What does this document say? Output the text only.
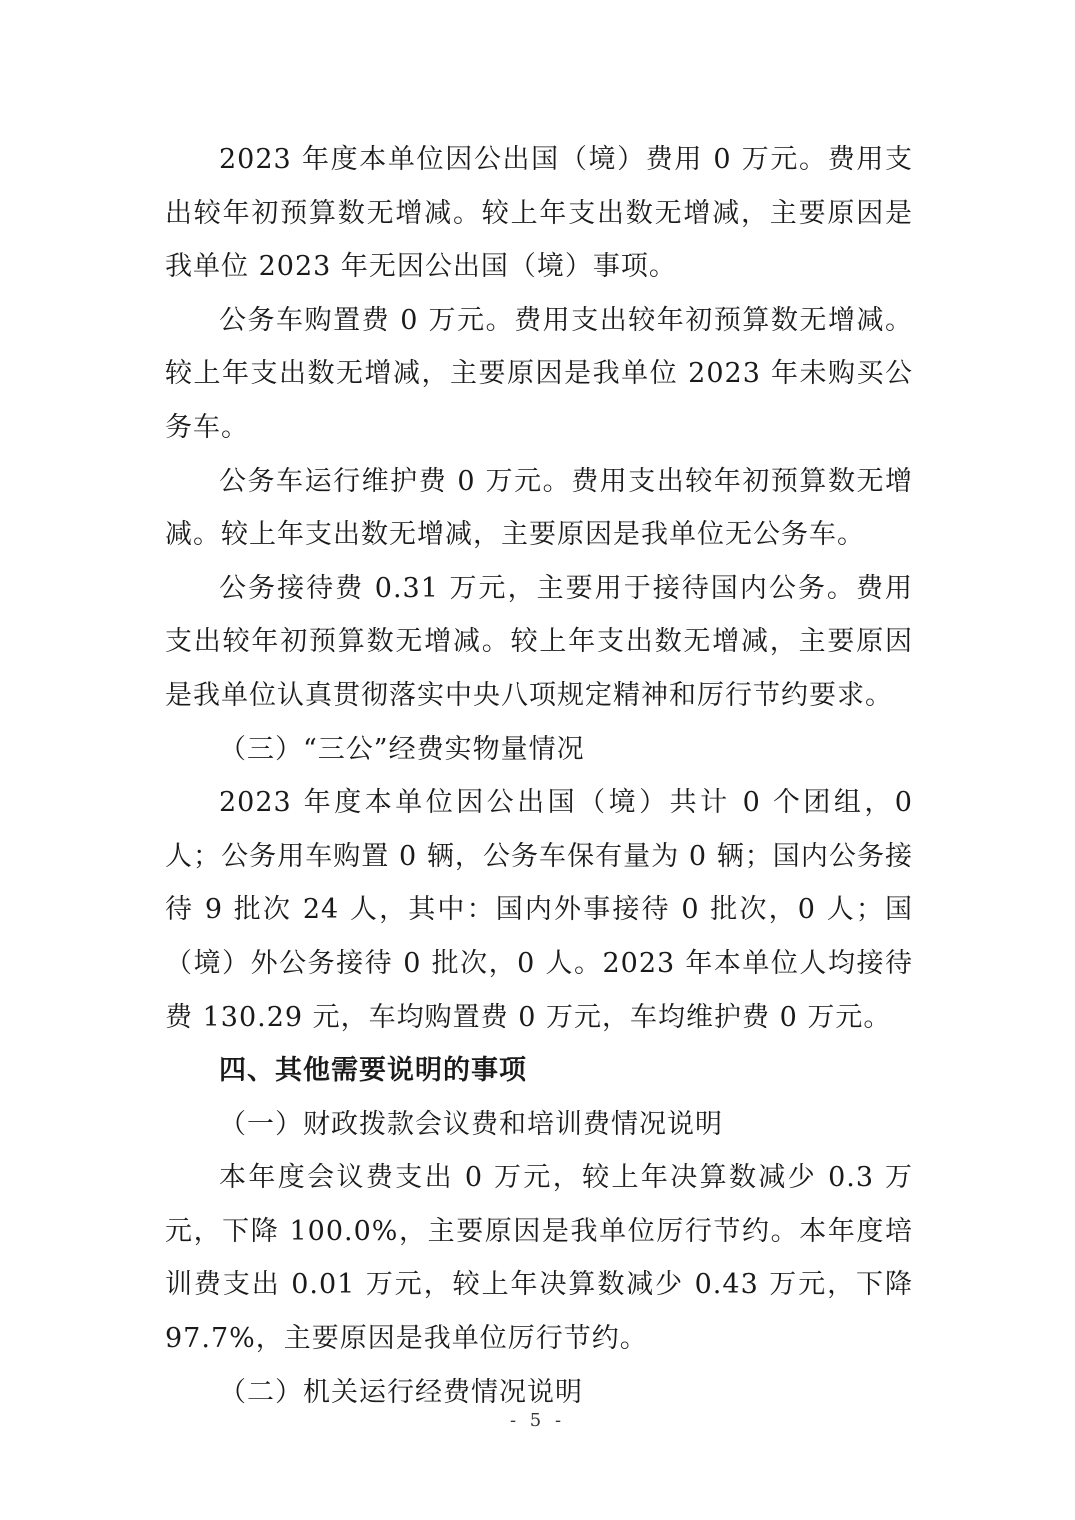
2023 年度本单位因公出国（境）费用 0 万元。费用支出较年初预算数无增减。较上年支出数无增减，主要原因是我单位 2023 年无因公出国（境）事项。

公务车购置费 0 万元。费用支出较年初预算数无增减。较上年支出数无增减，主要原因是我单位 2023 年未购买公务车。

公务车运行维护费 0 万元。费用支出较年初预算数无增减。较上年支出数无增减，主要原因是我单位无公务车。

公务接待费 0.31 万元，主要用于接待国内公务。费用支出较年初预算数无增减。较上年支出数无增减，主要原因是我单位认真贯彻落实中央八项规定精神和厉行节约要求。

（三）“三公”经费实物量情况

2023 年度本单位因公出国（境）共计 0 个团组，0 人；公务用车购置 0 辆，公务车保有量为 0 辆；国内公务接待 9 批次 24 人，其中：国内外事接待 0 批次，0 人；国（境）外公务接待 0 批次，0 人。2023 年本单位人均接待费 130.29 元，车均购置费 0 万元，车均维护费 0 万元。

四、其他需要说明的事项

（一）财政拨款会议费和培训费情况说明

本年度会议费支出 0 万元，较上年决算数减少 0.3 万元，下降 100.0%，主要原因是我单位厉行节约。本年度培训费支出 0.01 万元，较上年决算数减少 0.43 万元，下降 97.7%，主要原因是我单位厉行节约。

（二）机关运行经费情况说明

- 5 -
